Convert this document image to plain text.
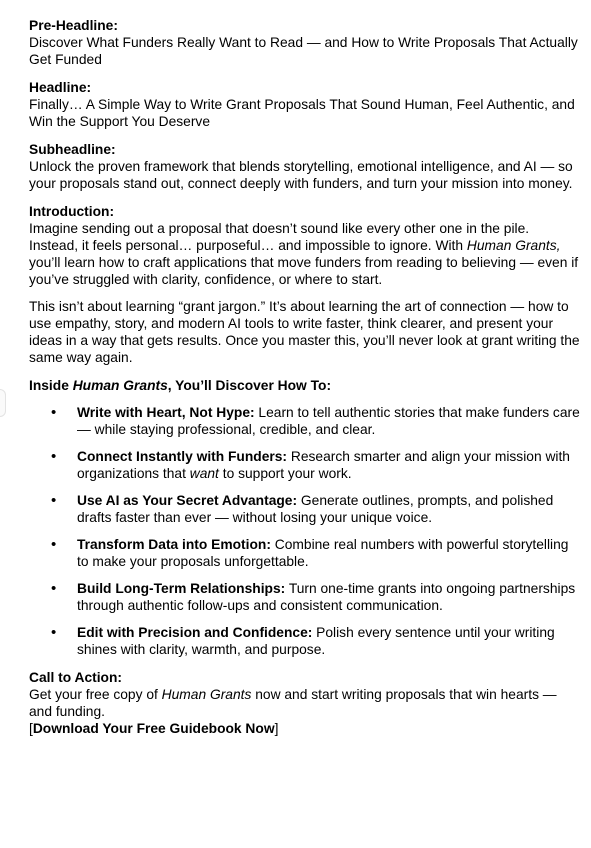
Pre-Headline:

Discover What Funders Really Want to Read — and How to Write Proposals That Actually Get Funded

Headline:

Finally… A Simple Way to Write Grant Proposals That Sound Human, Feel Authentic, and Win the Support You Deserve

Subheadline:

Unlock the proven framework that blends storytelling, emotional intelligence, and AI — so your proposals stand out, connect deeply with funders, and turn your mission into money.

Introduction:

Imagine sending out a proposal that doesn’t sound like every other one in the pile. Instead, it feels personal… purposeful… and impossible to ignore. With Human Grants, you’ll learn how to craft applications that move funders from reading to believing — even if you’ve struggled with clarity, confidence, or where to start.

This isn’t about learning “grant jargon.” It’s about learning the art of connection — how to use empathy, story, and modern AI tools to write faster, think clearer, and present your ideas in a way that gets results. Once you master this, you’ll never look at grant writing the same way again.

Inside Human Grants, You’ll Discover How To:
• Write with Heart, Not Hype: Learn to tell authentic stories that make funders care — while staying professional, credible, and clear.
• Connect Instantly with Funders: Research smarter and align your mission with organizations that want to support your work.
• Use AI as Your Secret Advantage: Generate outlines, prompts, and polished drafts faster than ever — without losing your unique voice.
• Transform Data into Emotion: Combine real numbers with powerful storytelling to make your proposals unforgettable.
• Build Long-Term Relationships: Turn one-time grants into ongoing partnerships through authentic follow-ups and consistent communication.
• Edit with Precision and Confidence: Polish every sentence until your writing shines with clarity, warmth, and purpose.
Call to Action:

Get your free copy of Human Grants now and start writing proposals that win hearts — and funding.

[Download Your Free Guidebook Now]
